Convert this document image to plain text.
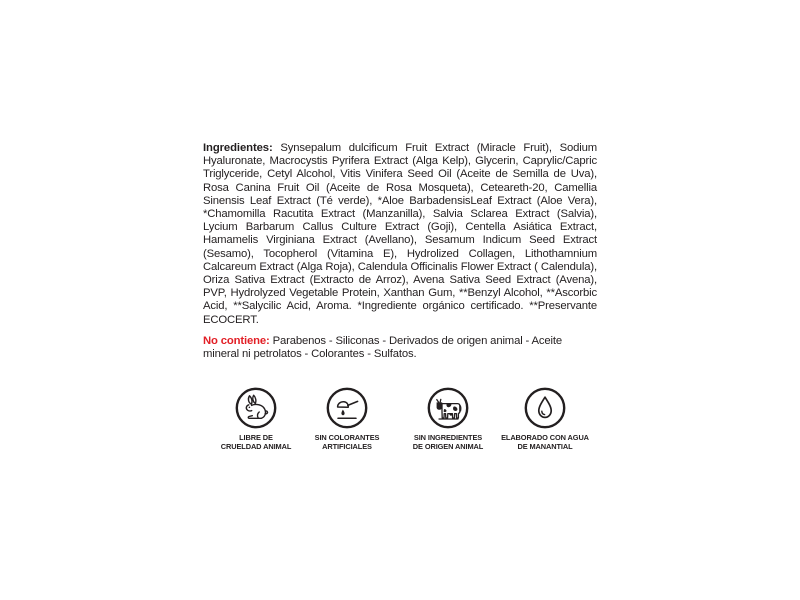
Ingredientes: Synsepalum dulcificum Fruit Extract (Miracle Fruit), Sodium Hyaluronate, Macrocystis Pyrifera Extract (Alga Kelp), Glycerin, Caprylic/Capric Triglyceride, Cetyl Alcohol, Vitis Vinifera Seed Oil (Aceite de Semilla de Uva), Rosa Canina Fruit Oil (Aceite de Rosa Mosqueta), Ceteareth-20, Camellia Sinensis Leaf Extract (Té verde), *Aloe BarbadensisLeaf Extract (Aloe Vera), *Chamomilla Racutita Extract (Manzanilla), Salvia Sclarea Extract (Salvia), Lycium Barbarum Callus Culture Extract (Goji), Centella Asiática Extract, Hamamelis Virginiana Extract (Avellano), Sesamum Indicum Seed Extract (Sesamo), Tocopherol (Vitamina E), Hydrolized Collagen, Lithothamnium Calcareum Extract (Alga Roja), Calendula Officinalis Flower Extract ( Calendula), Oriza Sativa Extract (Extracto de Arroz), Avena Sativa Seed Extract (Avena), PVP, Hydrolyzed Vegetable Protein, Xanthan Gum, **Benzyl Alcohol, **Ascorbic Acid, **Salycilic Acid, Aroma. *Ingrediente orgánico certificado. **Preservante ECOCERT.

No contiene: Parabenos - Siliconas - Derivados de origen animal - Aceite mineral ni petrolatos - Colorantes - Sulfatos.

LIBRE DE
CRUELDAD ANIMAL
SIN COLORANTES
ARTIFICIALES
SIN INGREDIENTES
DE ORIGEN ANIMAL
ELABORADO CON AGUA
DE MANANTIAL
